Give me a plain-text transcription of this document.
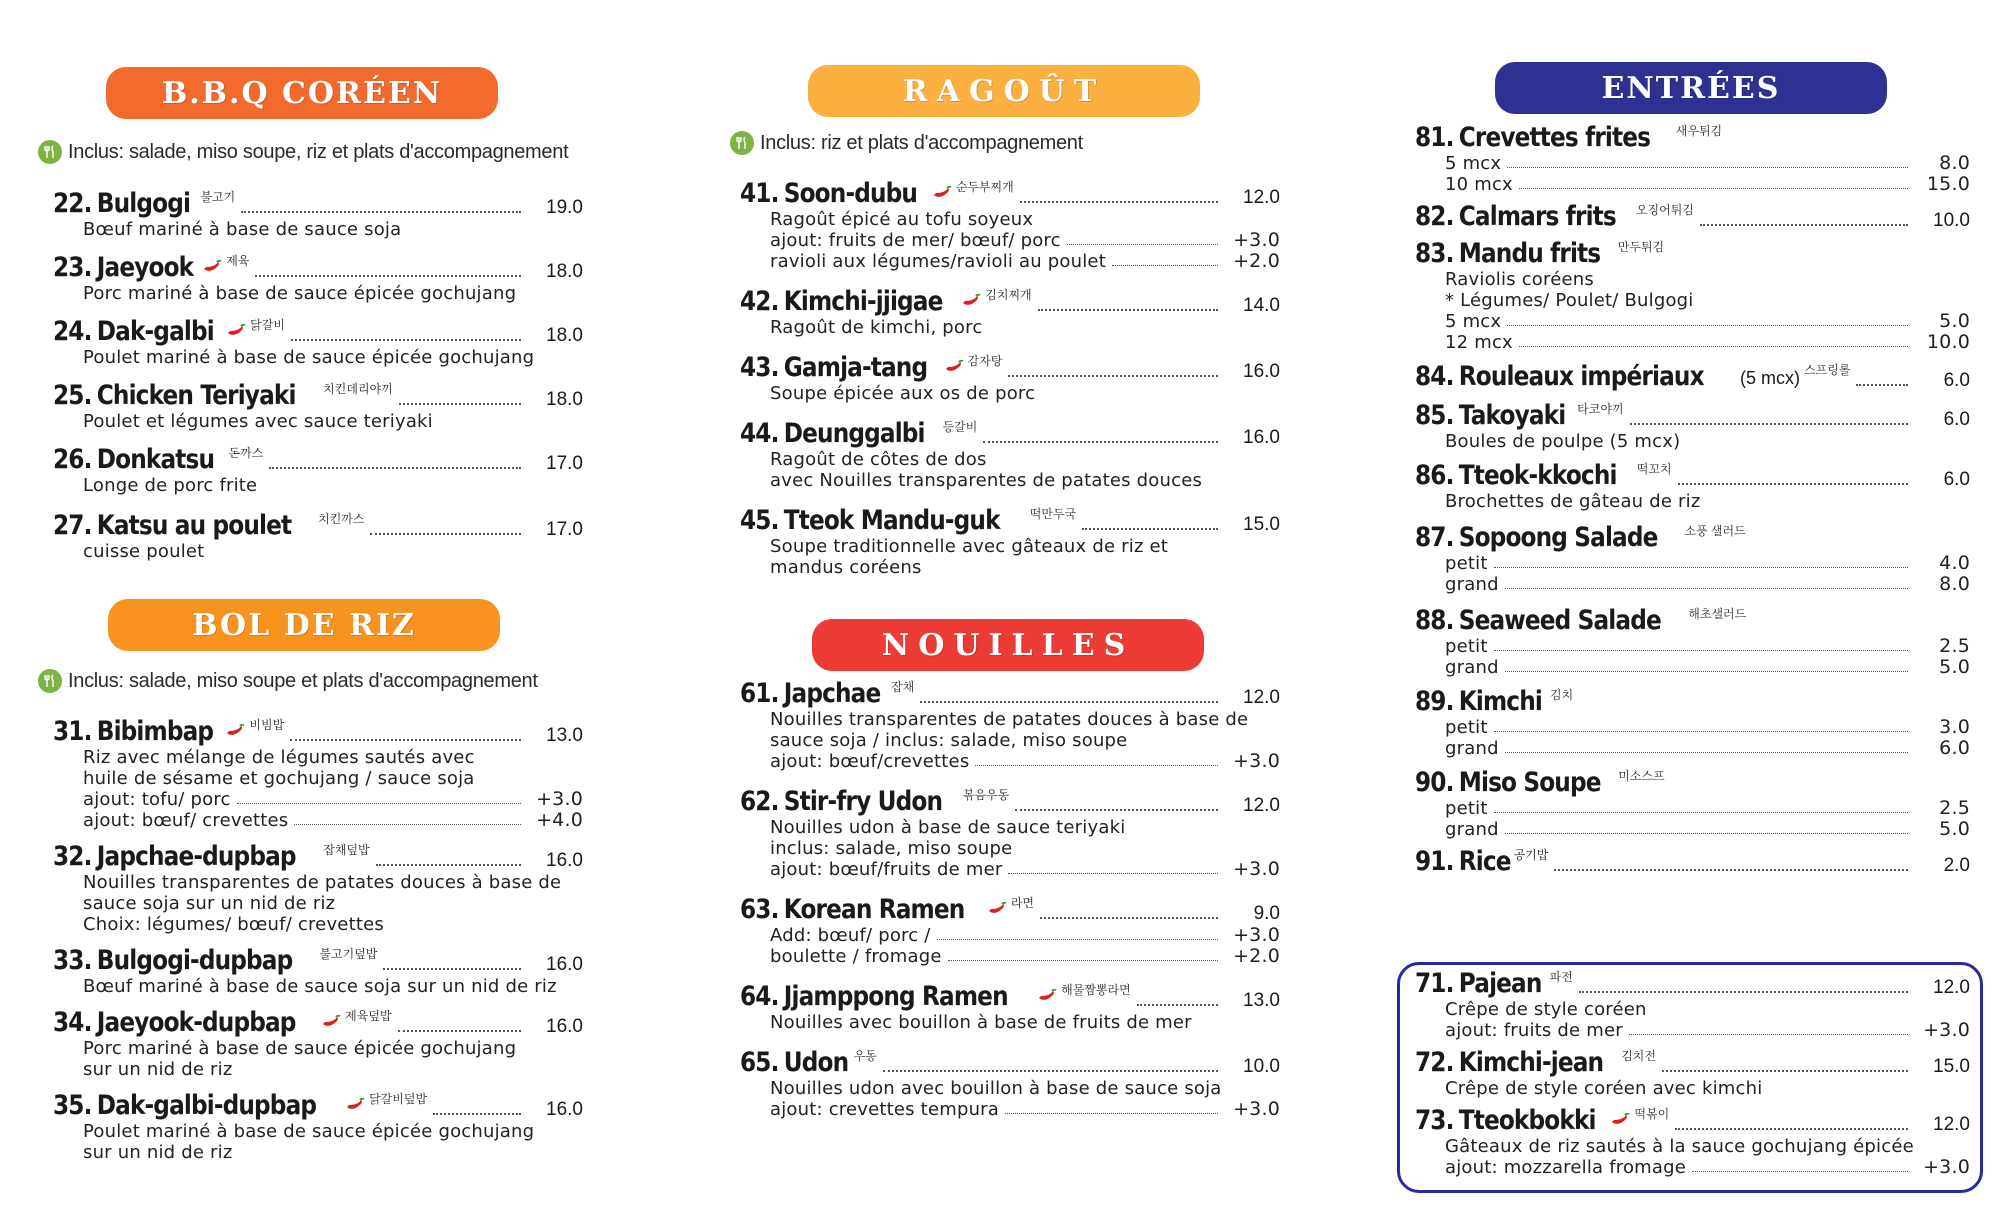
B.B.Q CORÉEN
Inclus: salade, miso soupe, riz et plats d'accompagnement
22. Bulgogi 불고기	19.0
Bœuf mariné à base de sauce soja
23. Jaeyook	제육	18.0
Porc mariné à base de sauce épicée gochujang
24. Dak-galbi	닭갈비	18.0
Poulet mariné à base de sauce épicée gochujang
25. Chicken Teriyaki 치킨데리야끼	18.0
Poulet et légumes avec sauce teriyaki
26. Donkatsu 돈까스	17.0
Longe de porc frite
27. Katsu au poulet 치킨까스	17.0
cuisse poulet
BOL DE RIZ
Inclus: salade, miso soupe et plats d'accompagnement
31. Bibimbap	비빔밥	13.0
Riz avec mélange de légumes sautés avec
huile de sésame et gochujang / sauce soja
ajout: tofu/ porc	+3.0
ajout: bœuf/ crevettes	+4.0
32. Japchae-dupbap 잡채덮밥	16.0
Nouilles transparentes de patates douces à base de
sauce soja sur un nid de riz
Choix: légumes/ bœuf/ crevettes
33. Bulgogi-dupbap 불고기덮밥	16.0
Bœuf mariné à base de sauce soja sur un nid de riz
34. Jaeyook-dupbap	제육덮밥	16.0
Porc mariné à base de sauce épicée gochujang
sur un nid de riz
35. Dak-galbi-dupbap	닭갈비덮밥	16.0
Poulet mariné à base de sauce épicée gochujang
sur un nid de riz
RAGOÛT
Inclus: riz et plats d'accompagnement
41. Soon-dubu	순두부찌개	12.0
Ragoût épicé au tofu soyeux
ajout: fruits de mer/ bœuf/ porc	+3.0
ravioli aux légumes/ravioli au poulet	+2.0
42. Kimchi-jjigae	김치찌개	14.0
Ragoût de kimchi, porc
43. Gamja-tang	감자탕	16.0
Soupe épicée aux os de porc
44. Deunggalbi 등갈비	16.0
Ragoût de côtes de dos
avec Nouilles transparentes de patates douces
45. Tteok Mandu-guk	떡만두국	15.0
Soupe traditionnelle avec gâteaux de riz et
mandus coréens
NOUILLES
61. Japchae 잡채	12.0
Nouilles transparentes de patates douces à base de
sauce soja / inclus: salade, miso soupe
ajout: bœuf/crevettes	+3.0
62. Stir-fry Udon 볶음우동	12.0
Nouilles udon à base de sauce teriyaki
inclus: salade, miso soupe
ajout: bœuf/fruits de mer	+3.0
63. Korean Ramen	라면	9.0
Add: bœuf/ porc /	+3.0
boulette / fromage	+2.0
64. Jjamppong Ramen	해물짬뽕라면	13.0
Nouilles avec bouillon à base de fruits de mer
65. Udon 우동	10.0
Nouilles udon avec bouillon à base de sauce soja
ajout: crevettes tempura	+3.0
ENTRÉES
81. Crevettes frites 새우튀김
5 mcx	8.0
10 mcx	15.0
82. Calmars frits 오징어튀김	10.0
83. Mandu frits 만두튀김
Raviolis coréens
* Légumes/ Poulet/ Bulgogi
5 mcx	5.0
12 mcx	10.0
84. Rouleaux impériaux (5 mcx) 스프링롤	6.0
85. Takoyaki 타코야끼	6.0
Boules de poulpe (5 mcx)
86. Tteok-kkochi 떡꼬치	6.0
Brochettes de gâteau de riz
87. Sopoong Salade 소풍 샐러드
petit	4.0
grand	8.0
88. Seaweed Salade 해초샐러드
petit	2.5
grand	5.0
89. Kimchi 김치
petit	3.0
grand	6.0
90. Miso Soupe 미소스프
petit	2.5
grand	5.0
91. Rice 공기밥	2.0
71. Pajean 파전	12.0
Crêpe de style coréen
ajout: fruits de mer	+3.0
72. Kimchi-jean 김치전	15.0
Crêpe de style coréen avec kimchi
73. Tteokbokki	떡볶이	12.0
Gâteaux de riz sautés à la sauce gochujang épicée
ajout: mozzarella fromage	+3.0
